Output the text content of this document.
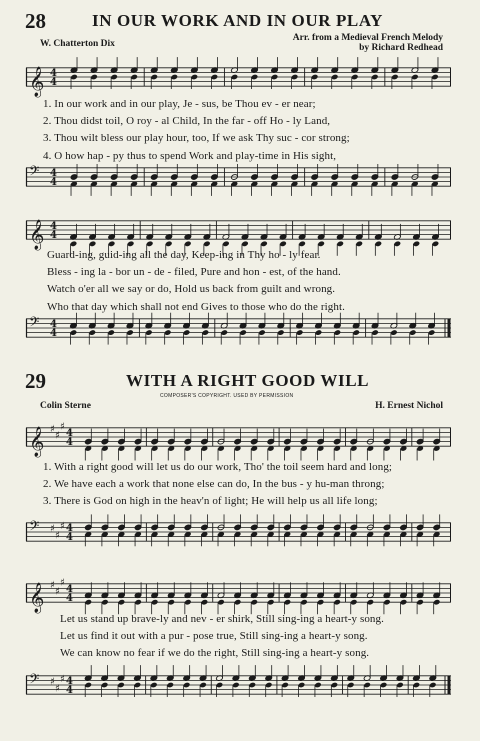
28	IN OUR WORK AND IN OUR PLAY
W. Chatterton Dix
Arr. from a Medieval French Melody
by Richard Redhead
𝄞 4
4
1. In our work and in our play, Je - sus, be Thou ev - er near;
2. Thou didst toil, O roy - al Child, In the far - off Ho - ly Land,
3. Thou wilt bless our play hour, too, If we ask Thy suc - cor strong;
4. O how hap - py thus to spend Work and play-time in His sight,
𝄢 4
4
𝄞 4
4
Guard-ing, guid-ing all the day, Keep-ing in Thy ho - ly fear.
Bless - ing la - bor un - de - filed, Pure and hon - est, of the hand.
Watch o'er all we say or do, Hold us back from guilt and wrong.
Who that day which shall not end Gives to those who do the right.
𝄢 4
4
29	WITH A RIGHT GOOD WILL
COMPOSER'S COPYRIGHT. USED BY PERMISSION
Colin Sterne	H. Ernest Nichol
𝄞 ♯
♯
♯
4
4
1. With a right good will let us do our work, Tho' the toil seem hard and long;
2. We have each a work that none else can do, In the bus - y hu-man throng;
3. There is God on high in the heav'n of light; He will help us all life long;
𝄢 ♯
♯
♯ 4
4
𝄞 ♯
♯
♯
4
4
Let us stand up brave-ly and nev - er shirk, Still sing-ing a heart-y song.
Let us find it out with a pur - pose true, Still sing-ing a heart-y song.
We can know no fear if we do the right, Still sing-ing a heart-y song.
𝄢 ♯
♯
♯ 4
4
